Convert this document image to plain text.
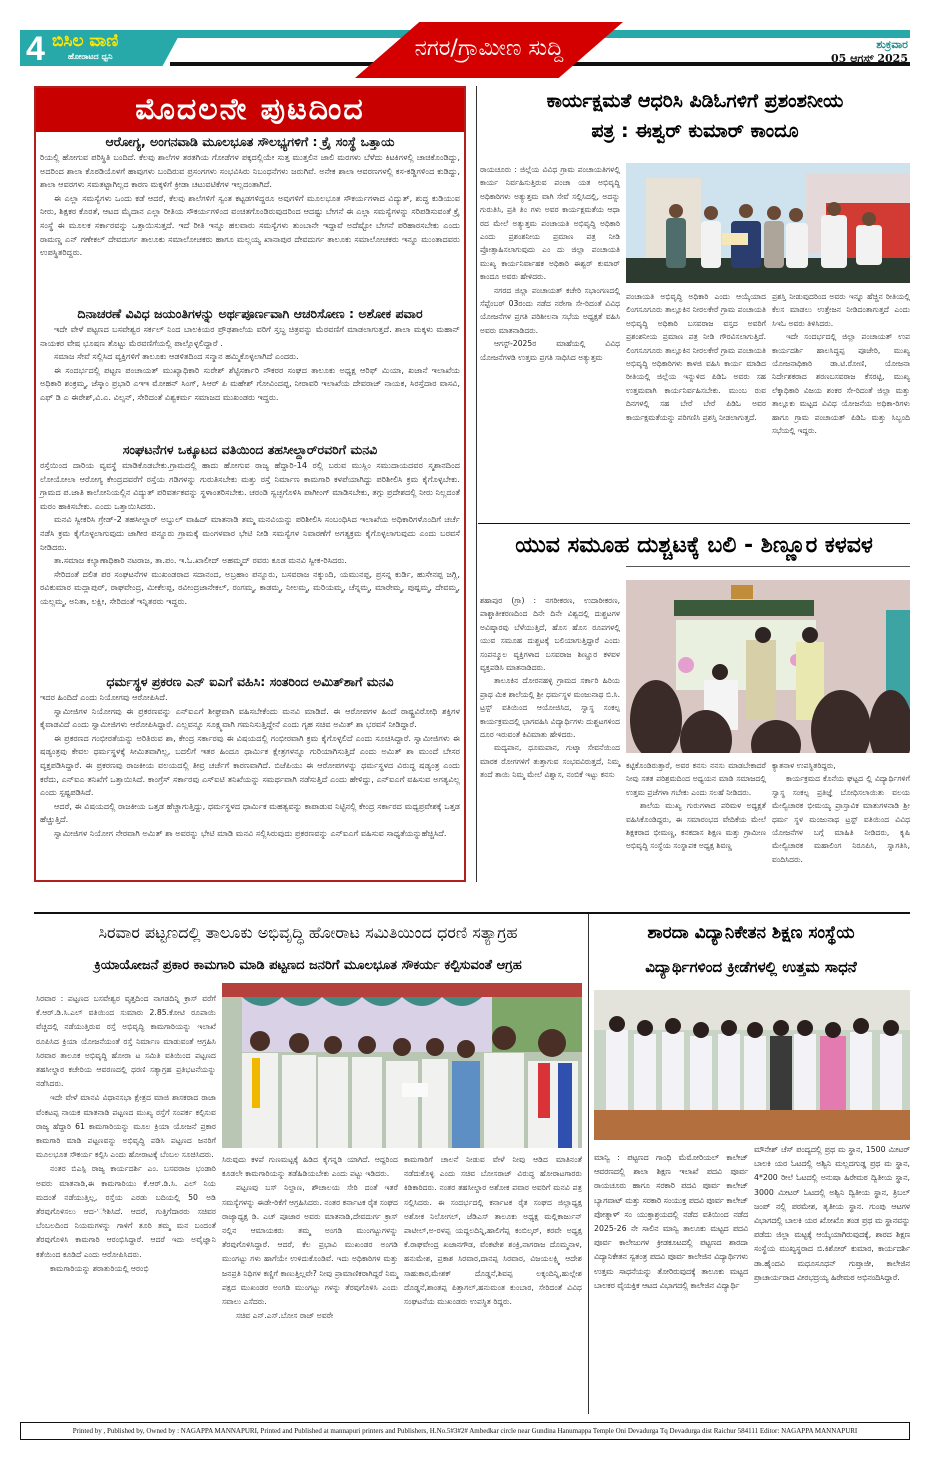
4 ಬಿಸಿಲ ವಾಣಿ
ಹೋರಾಟದ ಧ್ವನಿ	ನಗರ/ಗ್ರಾಮೀಣ ಸುದ್ದಿ	ಶುಕ್ರವಾರ
05 ಆಗಸ್ಟ್ 2025
ಮೊದಲನೇ ಪುಟದಿಂದ
ಆರೋಗ್ಯ, ಅಂಗನವಾಡಿ ಮೂಲಭೂತ ಸೌಲಭ್ಯಗಳಿಗೆ : ಕ್ರೈ ಸಂಸ್ಥೆ ಒತ್ತಾಯ

ರಿಯಲ್ಲಿ ಹೋಗುವ ಪರಿಸ್ಥಿತಿ ಬಂದಿದೆ. ಕೆಲವು ಶಾಲೆಗಳ ತರತಗಿಯ ಗೋಡೆಗಳ ಪಕ್ಕದಲ್ಲಿಯೇ ಸುತ್ತ ಮುತ್ತಲಿನ ಜಾಲಿ ಮರಗಳು ಬೆಳೆದು ಕಿಟಕಿಗಳಲ್ಲಿ ಚಾಚಿಕೊಂಡಿದ್ದು, ಅದರಿಂದ ಶಾಲಾ ಕೊಠಡಿಯೊಳಗೆ ಹಾವುಗಳು ಬಂದಿರುವ ಪ್ರಸಂಗಗಳು ಸಂಭವಿಸಿರು ನಿಬಂಧನೆಗಳು ಜರುಗಿವೆ. ಅನೇಕ ಶಾಲಾ ಆವರಣಗಳಲ್ಲಿ ಕಸ-ಕಡ್ಡಿಗಳಿಂದ ಕುಡಿದ್ದು, ಶಾಲಾ ಆವರಗಳು ಸಮತಟ್ಟಾಗಿಲ್ಲದ ಕಾರಣ ಮಕ್ಕಳಿಗೆ ಕ್ರೀಡಾ ಚಟುವಟಿಕೆಗಳ ಇಲ್ಲದಂತಾಗಿದೆ.

ಈ ಎಲ್ಲಾ ಸಮಸ್ಯೆಗಳು ಒಂದು ಕಡೆ ಆದರೆ, ಕೆಲವು ಶಾಲೆಗಳಿಗೆ ಸ್ವಂತ ಕಟ್ಟಡಗಳಿದ್ದರೂ ಅವುಗಳಿಗೆ ಮೂಲಭೂತ ಸೌಕರ್ಯಗಳಾದ ವಿದ್ಯುತ್, ಶುದ್ಧ ಕುಡಿಯುವ ನೀರು, ಶಿಕ್ಷಕರ ಕೊರತೆ, ಆಟದ ಮೈದಾನ ಎಲ್ಲಾ ರೀತಿಯ ಸೌಕರ್ಯಗಳಿಂದ ವಂಚಿತಗೊಂಡಿರುವುದರಿಂದ ಆದಷ್ಟು ಬೇಗನೆ ಈ ಎಲ್ಲಾ ಸಮಸ್ಯೆಗಳನ್ನು ಸರಿಪಡಿಸುವಂತೆ ಕ್ರೈ ಸಂಸ್ಥೆ ಈ ಮೂಲಕ ಸರ್ಕಾರವನ್ನು ಒತ್ತಾಯಿಸುತ್ತದೆ. ಇದೆ ರೀತಿ ಇನ್ನೂ ಹಲವಾರು ಸಮಸ್ಯೆಗಳು ತುಂಬಾನೇ ಇದ್ದಾವೆ ಅದೆಷ್ಟೋ ಬೇಗನೆ ಪರಿಹಾರಸಬೇಕು ಎಂದು ರಾಮಣ್ಣ ಎನ್ ಗಣೇಕಲ್ ದೇವದುರ್ಗ ತಾಲೂಕು ಸಮಾಲೋಚಕರು ಹಾಗೂ ಮಲ್ಲಯ್ಯ ಖಾನಾಪುರ ದೇವದುರ್ಗ ತಾಲೂಕು ಸಮಾಲೋಚಕರು ಇನ್ನೂ ಮುಂತಾದವರು ಉಪಸ್ಥಿತರಿದ್ದರು.

ದಿನಾಚರಣೆ ವಿವಿಧ ಜಯಂತಿಗಳನ್ನು ಅರ್ಥಪೂರ್ಣವಾಗಿ ಆಚರಿಸೋಣ : ಅಶೋಕ ಪವಾರ

ಇದೇ ವೇಳೆ ಪಟ್ಟಣದ ಬಸವೇಶ್ವರ ಸರ್ಕಲ್ ನಿಂದ ಬಾಲಕಿಯರ ಪ್ರೌಢಶಾಲೆಯ ವರಿಗೆ ಸ್ತಬ್ಧ ಚಿತ್ರವನ್ನು ಮೆರವಣಿಗೆ ಮಾಡಲಾಗುತ್ತದೆ. ಶಾಲಾ ಮಕ್ಕಳು ಮಹಾನ್ ನಾಯಕರ ವೇಷ ಭೂಷಣ ತೊಟ್ಟು ಮೆರವಣಿಗೆಯಲ್ಲಿ ಪಾಲ್ಗೊಳ್ಳಲಿದ್ದಾರೆ .

ಸಮಾಜ ಸೇವೆ ಸಲ್ಲಿಸಿದ ವ್ಯಕ್ತಿಗಳಿಗೆ ತಾಲೂಕು ಆಡಳಿತದಿಂದ ಸನ್ಮಾನ ಹಮ್ಮಿಕೊಳ್ಳಲಾಗಿದೆ ಎಂದರು.

ಈ ಸಂದರ್ಭದಲ್ಲಿ ಪಟ್ಟಣ ಪಂಚಾಯತ್ ಮುಖ್ಯಾಧಿಕಾರಿ ಸುರೇಶ್ ಶೆಟ್ಟಿಸರ್ಕಾರಿ ನೌಕರರ ಸಂಘದ ತಾಲೂಕು ಅಧ್ಯಕ್ಷ ಆರಿಫ್ ಮಿಯಾ, ಖಜಾನೆ ಇಲಾಖೆಯ ಅಧಿಕಾರಿ ಶಂಕ್ರಮ್ಮ, ಜೆಸ್ಕಾಂ ಪ್ರಭಾರಿ ಎಇಇ ಮೋಹನ್ ಸಿಂಗ್, ಸಿಆರ್ ಪಿ ಮಹೇಶ್ ಗೋವಿಂದಪ್ಪ, ನೀರಾವರಿ ಇಲಾಖೆಯ ದೇವರಾಜ್ ನಾಯಕ, ಸಿರಸ್ತೆದಾರ ವಾಸವಿ, ಎಫ್ ಡಿ ಎ ಈರೇಶ್,ವಿ.ಎ. ವಿಲ್ಸನ್, ಸೇರಿದಂತೆ ವಿಶ್ವಕರ್ಮ ಸಮಾಜದ ಮುಖಂಡರು ಇದ್ದರು.

ಸಂಘಟನೆಗಳ ಒಕ್ಕೂಟದ ವತಿಯಿಂದ ತಹಸೀಲ್ದಾರ್‌ರವರಿಗೆ ಮನವಿ

ರಸ್ತೆಯಿಂದ ದಾರಿಯ ವ್ಯವಸ್ಥೆ ಮಾಡಿಕೊಡಬೇಕು.ಗ್ರಾಮದಲ್ಲಿ ಹಾದು ಹೋಗುವ ರಾಜ್ಯ ಹೆದ್ದಾರಿ-14 ರಲ್ಲಿ ಬರುವ ಮುಸ್ಲಿಂ ಸಮುದಾಯದವರ ಸ್ಮಶಾನದಿಂದ ಲೋಯೋಲಾ ಆರೋಗ್ಯ ಕೇಂದ್ರದವರೆಗೆ ರಸ್ತೆಯ ಗಡಿಗಳನ್ನು ಗುರುತಿಸಬೇಕು ಮತ್ತು ರಸ್ತೆ ನಿರ್ಮಾಣ ಕಾಮಗಾರಿ ಕಳಪೆಯಾಗಿದ್ದು ಪರಿಶೀಲಿಸಿ ಕ್ರಮ ಕೈಗೊಳ್ಳಬೇಕು. ಗ್ರಾಮದ ಪ.ಜಾತಿ ಕಾಲೋನಿಯಲ್ಲಿನ ವಿದ್ಯುತ್ ಪರಿವರ್ತಕವನ್ನು ಸ್ಥಳಾಂತರಿಸಬೇಕು. ಚರಂಡಿ ಸ್ವಚ್ಛಗೊಳಿಸಿ ಪಾಗೀಂಗ್ ಮಾಡಿಸಬೇಕು, ತಗ್ಗು ಪ್ರದೇಶದಲ್ಲಿ ನೀರು ನಿಲ್ಲದಂತೆ ಮರಂ ಹಾಕಿಸಬೇಕು. ಎಂದು ಒತ್ತಾಯಿಸಿದರು.

ಮನವಿ ಸ್ವೀಕರಿಸಿ ಗ್ರೇಡ್-2 ತಹಸೀಲ್ದಾರ್ ಅಬ್ದುಲ್ ವಾಹಿದ್ ಮಾತನಾಡಿ ತಮ್ಮ ಮನವಿಯನ್ನು ಪರಿಶೀಲಿಸಿ ಸಂಬಂಧಿಸಿದ ಇಲಾಖೆಯ ಅಧಿಕಾರಿಗಳೊಂದಿಗೆ ಚರ್ಚೆ ನಡೆಸಿ ಕ್ರಮ ಕೈಗೊಳ್ಳಲಾಗುವುದು ಜಾಗೀರ ಪನ್ನೂರು ಗ್ರಾಮಕ್ಕೆ ಮಂಗಳವಾರ ಭೇಟಿ ನೀಡಿ ಸಮಸ್ಯೆಗಳ ನಿವಾರಣೆಗೆ ಅಗತ್ಯಕ್ರಮ ಕೈಗೊಳ್ಳಲಾಗುವುದು ಎಂದು ಬರವಸೆ ನೀಡಿದರು.

ತಾ.ಸಮಾಜ ಕಲ್ಯಾಣಾಧಿಕಾರಿ ನಟರಾಜ, ತಾ.ಪಂ. ಇ.ಓ.ಖಾಲೀದ್ ಅಹಮ್ಮದ್ ರವರು ಕೂಡ ಮನವಿ ಸ್ವೀಕ-ರಿಸಿದರು.

ಸೇರಿದಂತೆ ದಲಿತ ಪರ ಸಂಘಟನೆಗಳ ಮುಖಂಡರಾದ ಸದಾನಂದ, ಅಬ್ರಹಾಂ ಪನ್ನೂರು, ಬಸವರಾಜ ನಕ್ಕುಂದಿ, ಯಮುನಪ್ಪ, ಪ್ರಸನ್ನ ಕುರ್ಡಿ, ಹುಸೇನಪ್ಪ ಜಗ್ಲಿ, ರವಿಕುಮಾರ ಮದ್ಲಾಪುರ್, ರಾಘವೇಂದ್ರ, ಮೀಕೆಲಪ್ಪ, ರವೀಂದ್ರಜಾನೇಕಲ್, ರಂಗಮ್ಮ, ಕಾಡಮ್ಮ, ನೀಲಮ್ಮ, ಮರಿಯಮ್ಮ, ಚೆನ್ನಮ್ಮ, ಮಾರೇಮ್ಮ, ಪುಷ್ಪಮ್ಮ, ದೇವಮ್ಮ, ಯಲ್ಲಮ್ಮ, ಅನಿತಾ, ಲಕ್ಷೀ, ಸೇರಿದಂತೆ ಇನ್ನಿತರರು ಇದ್ದರು.

ಧರ್ಮಸ್ಥಳ ಪ್ರಕರಣ ಎನ್ ಐಎಗೆ ವಹಿಸಿ: ಸಂತರಿಂದ ಅಮಿತ್‌ಶಾಗೆ ಮನವಿ

ಇದರ ಹಿಂದಿದೆ ಎಂದು ನಿಯೋಗವು ಆರೋಪಿಸಿದೆ.

ಸ್ವಾಮೀಜಿಗಳ ನಿಯೋಗವು ಈ ಪ್ರಕರಣವನ್ನು ಎನ್‌ಐಎಗೆ ಶೀಘ್ರವಾಗಿ ವಹಿಸಬೇಕೆಂದು ಮನವಿ ಮಾಡಿದೆ. ಈ ಆರೋಪಗಳ ಹಿಂದೆ ರಾಷ್ಟ್ರವಿರೋಧಿ ಶಕ್ತಿಗಳ ಕೈವಾಡವಿದೆ ಎಂದು ಸ್ವಾಮೀಜಿಗಳು ಆರೋಪಿಸಿದ್ದಾರೆ. ಎಲ್ಲವನ್ನೂ ಸೂಕ್ಷ್ಮವಾಗಿ ಗಮನಿಸುತ್ತಿದ್ದೇನೆ ಎಂದು ಗೃಹ ಸಚಿವ ಅಮಿತ್ ಶಾ ಭರವಸೆ ನೀಡಿದ್ದಾರೆ.

ಈ ಪ್ರಕರಣದ ಗಂಭೀರತೆಯನ್ನು ಅರಿತಿರುವ ಶಾ, ಕೇಂದ್ರ ಸರ್ಕಾರವು ಈ ವಿಷಯದಲ್ಲಿ ಗಂಭೀರವಾಗಿ ಕ್ರಮ ಕೈಗೊಳ್ಳಲಿದೆ ಎಂದು ಸೂಚಿಸಿದ್ದಾರೆ. ಸ್ವಾಮೀಜಿಗಳು ಈ ಷಡ್ಯಂತ್ರವು ಕೇವಲ ಧರ್ಮಸ್ಥಳಕ್ಕೆ ಸೀಮಿತವಾಗಿಲ್ಲ, ಬದಲಿಗೆ ಇತರ ಹಿಂದೂ ಧಾರ್ಮಿಕ ಕ್ಷೇತ್ರಗಳನ್ನೂ ಗುರಿಯಾಗಿಸುತ್ತಿದೆ ಎಂದು ಅಮಿತ್ ಶಾ ಮುಂದೆ ಬೇಸರ ವ್ಯಕ್ತಪಡಿಸಿದ್ದಾರೆ. ಈ ಪ್ರಕರಣವು ರಾಜಕೀಯ ವಲಯದಲ್ಲಿ ತೀವ್ರ ಚರ್ಚೆಗೆ ಕಾರಣವಾಗಿದೆ. ಬಿಜೆಪಿಯು ಈ ಆರೋಪಗಳನ್ನು ಧರ್ಮಸ್ಥಳದ ವಿರುದ್ಧ ಷಡ್ಯಂತ್ರ ಎಂದು ಕರೆದು, ಎನ್‌ಐಎ ತನಿಖೆಗೆ ಒತ್ತಾಯಿಸಿದೆ. ಕಾಂಗ್ರೆಸ್ ಸರ್ಕಾರವು ಎಸ್‌ಐಟಿ ತನಿಖೆಯನ್ನು ಸಮರ್ಥವಾಗಿ ನಡೆಸುತ್ತಿದೆ ಎಂದು ಹೇಳಿದ್ದು, ಎನ್‌ಐಎಗೆ ವಹಿಸುವ ಅಗತ್ಯವಿಲ್ಲ ಎಂದು ಸ್ಪಷ್ಟಪಡಿಸಿದೆ.

ಆದರೆ, ಈ ವಿಷಯದಲ್ಲಿ ರಾಜಕೀಯ ಒತ್ತಡ ಹೆಚ್ಚಾಗುತ್ತಿದ್ದು, ಧರ್ಮಸ್ಥಳದ ಧಾರ್ಮಿಕ ಮಹತ್ವವನ್ನು ಕಾಪಾಡುವ ನಿಟ್ಟಿನಲ್ಲಿ ಕೇಂದ್ರ ಸರ್ಕಾರದ ಮಧ್ಯಪ್ರವೇಶಕ್ಕೆ ಒತ್ತಡ ಹೆಚ್ಚುತ್ತಿದೆ.

ಸ್ವಾಮೀಜಿಗಳ ನಿಯೋಗ ನೇರವಾಗಿ ಅಮಿತ್ ಶಾ ಅವರನ್ನು ಭೇಟಿ ಮಾಡಿ ಮನವಿ ಸಲ್ಲಿಸಿರುವುದು ಪ್ರಕರಣವನ್ನು ಎನ್‌ಐಎಗೆ ವಹಿಸುವ ಸಾಧ್ಯತೆಯನ್ನುಹೆಚ್ಚಿಸಿದೆ.

ಕಾರ್ಯಕ್ಷಮತೆ ಆಧರಿಸಿ ಪಿಡಿಓಗಳಿಗೆ ಪ್ರಶಂಶನೀಯ
ಪತ್ರ : ಈಶ್ವರ್ ಕುಮಾರ್ ಕಾಂದೂ

ರಾಯಚೂರು : ಜಿಲ್ಲೆಯ ವಿವಿಧ ಗ್ರಾಮ ಪಂಚಾಯತಿಗಳಲ್ಲಿ ಕಾರ್ಯ ನಿರ್ವಹಿಸುತ್ತಿರುವ ಪಂಚಾ ಯತ ಅಭಿವೃದ್ಧಿ ಅಧಿಕಾರಿಗಳು ಅತ್ಯುತ್ತಮ ವಾಗಿ ಸೇವೆ ಸಲ್ಲಿಸಿದಲ್ಲಿ, ಅದನ್ನು ಗುರುತಿಸಿ, ಪ್ರತಿ ತಿಂ ಗಳು ಅವರ ಕಾರ್ಯಕ್ಷಮತೆಯ ಆಧಾ ರದ ಮೇಲೆ ಅತ್ಯುತ್ತಮ ಪಂಚಾಯತಿ ಅಭಿವೃದ್ಧಿ ಅಧಿಕಾರಿ ಎಂದು ಪ್ರಶಂಶನೀಯ ಪ್ರಮಾಣ ಪತ್ರ ನೀಡಿ ಪ್ರೋತ್ಸಾಹಿಸಲಾಗುವುದು ಎಂ ದು ಜಿಲ್ಲಾ ಪಂಚಾಯತಿ ಮುಖ್ಯ ಕಾರ್ಯನಿರ್ವಾಹಕ ಅಧಿಕಾರಿ ಈಶ್ವರ್ ಕುಮಾರ್ ಕಾಂದೂ ಅವರು ಹೇಳಿದರು.

ನಗರದ ಜಿಲ್ಲಾ ಪಂಚಾಯತ್ ಕಚೇರಿ ಸಭಾಂಗಣದಲ್ಲಿ ಸೆಪ್ಟೆಂಬರ್ 03ರಂದು ನಡೆದ ನರೇಗಾ ಸೇ-ರಿದಂತೆ ವಿವಿಧ ಯೋಜನೆಗಳ ಪ್ರಗತಿ ಪರಿಶೀಲನಾ ಸಭೆಯ ಅಧ್ಯಕ್ಷತೆ ವಹಿಸಿ ಅವರು ಮಾತನಾಡಿದರು.

ಆಗಸ್ಟ್-2025ರ ಮಾಹೆಯಲ್ಲಿ ವಿವಿಧ ಯೋಜನೆಗಳಡಿ ಉತ್ತಮ ಪ್ರಗತಿ ಸಾಧಿಸಿದ ಅತ್ಯುತ್ತಮ

ಪಂಚಾಯತಿ ಅಭಿವೃದ್ಧಿ ಅಧಿಕಾರಿ ಎಂದು ಆಯ್ಕೆಯಾದ ಲಿಂಗಸೂಗೂರು ತಾಲ್ಲೂಕಿನ ನೀರಲಕೇರೆ ಗ್ರಾಮ ಪಂಚಾಯತಿ ಅಭಿವೃದ್ಧಿ ಅಧಿಕಾರಿ ಬಸವರಾಜ ವಸ್ತದ ಅವರಿಗೆ ಪ್ರಶಂಶನೀಯ ಪ್ರಮಾಣ ಪತ್ರ ನೀಡಿ ಗೌರವಿಸಲಾಗುತ್ತಿದೆ. ಲಿಂಗಸೂಗೂರು ತಾಲ್ಲೂಕಿನ ನೀರಲಕೇರೆ ಗ್ರಾಮ ಪಂಚಾಯತಿ ಅಭಿವೃದ್ಧಿ ಅಧಿಕಾರಿಗಳು ಕಾಳಜಿ ವಹಿಸಿ ಕಾರ್ಯ ಮಾಡಿದ ರೀತಿಯಲ್ಲಿ ಜಿಲ್ಲೆಯ ಇನ್ನುಳಿದ ಪಿಡಿಓ ಅವರು ಸಹ ಉತ್ತಮವಾಗಿ ಕಾರ್ಯನಿರ್ವಹಿಸಬೇಕು. ಮುಂಬ ರುವ ದಿನಗಳಲ್ಲಿ ಸಹ ಬೇರೆ ಬೇರೆ ಪಿಡಿಓ ಅವರ ಕಾರ್ಯಕ್ಷಮತೆಯನ್ನು ಪರಿಗಣಿಸಿ ಪ್ರಶಸ್ತಿ ನೀಡಲಾಗುತ್ತದೆ.

ಪ್ರಶಸ್ತಿ ನೀಡುವುದರಿಂದ ಅವರು ಇನ್ನೂ ಹೆಚ್ಚಿನ ರೀತಿಯಲ್ಲಿ ಕೆಲಸ ಮಾಡಲು ಉತ್ತೇಜನ ನೀಡಿದಂತಾಗುತ್ತದೆ ಎಂದು ಸಿಇಓ ಅವರು ತಿಳಿಸಿದರು.

ಇದೇ ಸಂದರ್ಭದಲ್ಲಿ ಜಿಲ್ಲಾ ಪಂಚಾಯತ್ ಉಪ ಕಾರ್ಯದರ್ಶಿ ಹಾಲಸಿದ್ಧಪ್ಪ ಪೂಜೇರಿ, ಮುಖ್ಯ ಯೋಜನಾಧಿಕಾರಿ ಡಾ.ಟಿ.ರೋಣಿ, ಯೋಜನಾ ನಿರ್ದೇಶಕರಾದ ಶರಣಬಸವರಾಜ ಕೆಸರಟ್ಟಿ, ಮುಖ್ಯ ಲೆಕ್ಕಾಧಿಕಾರಿ ವಿಜಯ ಶಂಕರ ಸೇ-ರಿದಂತೆ ಜಿಲ್ಲಾ ಮತ್ತು ತಾಲ್ಲೂಕು ಮಟ್ಟದ ವಿವಿಧ ಯೋಜನೆಯ ಅಧಿಕಾ-ರಿಗಳು ಹಾಗೂ ಗ್ರಾಮ ಪಂಚಾಯತ್ ಪಿಡಿಓ ಮತ್ತು ಸಿಬ್ಬಂದಿ ಸಭೆಯಲ್ಲಿ ಇದ್ದರು.

ಯುವ ಸಮೂಹ ದುಶ್ಚಟಕ್ಕೆ ಬಲಿ - ಶಿಣ್ಣೂರ ಕಳವಳ

ಶಹಾಪುರ (ಗ್ರಾ) : ನಗರೀಕರಣ, ಉದಾರೀಕರಣ, ಪಾಶ್ಚಾತೀಕರಣದಿಂದ ದಿನೇ ದಿನೇ ವಿಶ್ವದಲ್ಲಿ ದುಶ್ಚಟಗಳ ಅವಿಷ್ಕಾರವು ಬೆಳೆಯುತ್ತಿದೆ, ಹೊಸ ಹೊಸ ರೂಪಗಳಲ್ಲಿ ಯುವ ಸಮೂಹ ದುಶ್ಚಟಕ್ಕೆ ಬಲಿಯಾಗುತ್ತಿದ್ದಾರೆ ಎಂದು ಸಂಪನ್ಮೂಲ ವ್ಯಕ್ತಿಗಳಾದ ಬಸವರಾಜ ಶಿಣ್ಣೂರ ಕಳವಳ ವ್ಯಕ್ತಪಡಿಸಿ ಮಾತನಾಡಿದರು.

ತಾಲೂಕಿನ ದೋರನಹಳ್ಳಿ ಗ್ರಾಮದ ಸರ್ಕಾರಿ ಹಿರಿಯ ಪ್ರಾಥ ಮಿಕ ಶಾಲೆಯಲ್ಲಿ ಶ್ರೀ ಧರ್ಮಸ್ಥಳ ಮಂಜುನಾಥ ಬಿ.ಸಿ. ಟ್ರಸ್ಟ್ ವತಿಯಿಂದ ಆಯೋಜಿಸಿದ, ಸ್ವಾಸ್ಥ ಸಂಕಲ್ಪ ಕಾರ್ಯಕ್ರಮದಲ್ಲಿ ಭಾಗವಹಿಸಿ ವಿದ್ಯಾರ್ಥಿಗಳು ದುಶ್ಚಟಗಳಿಂದ ದೂರ ಇರುವಂತೆ ಕಿವಿಮಾತು ಹೇಳಿದರು.

ಮದ್ಯಪಾನ, ಧೂಮಪಾನ, ಗುಟ್ಕಾ ಸೇವನೆಯಿಂದ ಮಾರಕ ರೋಗಗಳಿಗೆ ತುತ್ತಾಗುವ ಸಂಭವವಿರುತ್ತದೆ, ನಿಮ್ಮ ತಂದೆ ತಾಯಿ ನಿಮ್ಮ ಮೇಲೆ ವಿಶ್ವಾಸ, ನಂಬಿಕೆ ಇಟ್ಟು ಕನಸು

ಕಟ್ಟಿಕೊಂಡಿರುತ್ತಾರೆ, ಅವರ ಕನಸು ನನಸು ಮಾಡಬೇಕಾದರೆ ನೀವು ಸತತ ಪರಿಶ್ರಮದಿಂದ ಅಧ್ಯಯನ ಮಾಡಿ ಸಮಾಜದಲ್ಲಿ ಉತ್ತಮ ಪ್ರಜೆಗಳಾ ಗಬೇಕು ಎಂದು ಸಲಹೆ ನೀಡಿದರು.

ಶಾಲೆಯ ಮುಖ್ಯ ಗುರುಗಳಾದ ಪರಿಮಳ ಅಧ್ಯಕ್ಷತೆ ವಹಿಸಿಕೊಂಡಿದ್ದರು, ಈ ಸಮಾರಂಭದ ವೇದಿಕೆಯ ಮೇಲೆ ಶಿಕ್ಷಕರಾದ ಭೀಮಣ್ಣ, ಕನಕದಾಸ ಶಿಕ್ಷಣ ಮತ್ತು ಗ್ರಾಮೀಣ ಅಭಿವೃದ್ಧಿ ಸಂಸ್ಥೆಯ ಸಂಸ್ಥಾಪಕ ಅಧ್ಯಕ್ಷ ಶಿವಣ್ಣ

ಕ್ಯಾತನಾಳ ಉಪಸ್ಥಿತರಿದ್ದರು,

ಕಾರ್ಯಕ್ರಮದ ಕೊನೆಯ ಘಟ್ಟದ ಲ್ಲಿ ವಿದ್ಯಾರ್ಥಿಗಳಿಗೆ ಸ್ವಾಸ್ಥ ಸಂಕಲ್ಪ ಪ್ರತಿಜ್ಞೆ ಬೋಧಿಸಲಾಯಿತು ವಲಯ ಮೇಲ್ವಿಚಾರಕ ಭೀಮಯ್ಯ ಪ್ರಾಸ್ತಾವಿಕ ಮಾತುಗಳನಾಡಿ ಶ್ರೀ ಧರ್ಮ ಸ್ಥಳ ಮಂಜುನಾಥ ಟ್ರಸ್ಟ್ ವತಿಯಿಂದ ವಿವಿಧ ಯೋಜನೆಗಳ ಬಗ್ಗೆ ಮಾಹಿತಿ ನೀಡಿದರು, ಕೃಷಿ ಮೇಲ್ವಿಚಾರಕ ಮಹಾಲಿಂಗ ನಿರೂಪಿಸಿ, ಸ್ವಾಗತಿಸಿ, ವಂದಿಸಿದರು.

ಸಿರವಾರ ಪಟ್ಟಣದಲ್ಲಿ ತಾಲೂಕು ಅಭಿವೃದ್ಧಿ ಹೋರಾಟ ಸಮಿತಿಯಿಂದ ಧರಣಿ ಸತ್ಯಾಗ್ರಹ
ಕ್ರಿಯಾಯೋಜನೆ ಪ್ರಕಾರ ಕಾಮಗಾರಿ ಮಾಡಿ ಪಟ್ಟಣದ ಜನರಿಗೆ ಮೂಲಭೂತ ಸೌಕರ್ಯ ಕಲ್ಪಿಸುವಂತೆ ಆಗ್ರಹ

ಸಿರವಾರ : ಪಟ್ಟಣದ ಬಸವೇಶ್ವರ ವೃತ್ತದಿಂದ ನಾಗಡದಿನ್ನಿ ಕ್ರಾಸ್ ವರೆಗೆ ಕೆ.ಆರ್.ಡಿ.ಸಿ.ಎಲ್ ವತಿಯಿಂದ ಸುಮಾರು 2.85.ಕೋಟಿ ರೂಪಾಯಿ ವೆಚ್ಚದಲ್ಲಿ ನಡೆಯುತ್ತಿರುವ ರಸ್ತೆ ಅಭಿವೃದ್ಧಿ ಕಾಮಗಾರಿಯನ್ನು ಇಲಾಖೆ ರೂಪಿಸಿದ ಕ್ರಿಯಾ ಯೋಜನೆಯಂತೆ ರಸ್ತೆ ನಿರ್ಮಾಣ ಮಾಡುವಂತೆ ಆಗ್ರಹಿಸಿ ಸಿರವಾರ ತಾಲೂಕ ಅಭಿವೃದ್ಧಿ ಹೋರಾ ಟ ಸಮಿತಿ ವತಿಯಿಂದ ಪಟ್ಟಣದ ತಹಸೀಲ್ದಾರ ಕಚೇರಿಯ ಆವರಣದಲ್ಲಿ ಧರಣಿ ಸತ್ಯಾಗ್ರಹ ಪ್ರತಿಭಟನೆಯನ್ನು ನಡೆಸಿದರು.

ಇದೇ ವೇಳೆ ಮಾನವಿ ವಿಧಾನಸಭಾ ಕ್ಷೇತ್ರದ ಮಾಜಿ ಶಾಸಕರಾದ ರಾಜಾ ವೆಂಕಟಪ್ಪ ನಾಯಕ ಮಾತನಾಡಿ ಪಟ್ಟಣದ ಮುಖ್ಯ ರಸ್ತೆಗೆ ಸಂಪರ್ಕ ಕಲ್ಪಿಸುವ ರಾಜ್ಯ ಹೆದ್ದಾರಿ 61 ಕಾಮಗಾರಿಯನ್ನು ಮೂಲ ಕ್ರಿಯಾ ಯೋಜನೆ ಪ್ರಕಾರ ಕಾಮಗಾರಿ ಮಾಡಿ ಪಟ್ಟಣವನ್ನು ಅಭಿವೃದ್ಧಿ ಪಡಿಸಿ ಪಟ್ಟಣದ ಜನರಿಗೆ ಮೂಲಭೂತ ಸೌಕರ್ಯ ಕಲ್ಪಿಸಿ ಎಂದು ಹೋರಾಟಕ್ಕೆ ಬೆಂಬಲ ಸೂಚಿಸಿದರು.

ನಂತರ ಬಿಎಸ್ಪಿ ರಾಜ್ಯ ಕಾರ್ಯದರ್ಶಿ ಎಂ. ಬಸವರಾಜ ಭಂಡಾರಿ ಅವರು ಮಾತನಾಡಿ,ಈ ಕಾಮಗಾರಿಯು ಕೆ.ಆರ್.ಡಿ.ಸಿ. ಎಲ್ ನಿಯ ಮದಂತೆ ನಡೆಯುತ್ತಿಲ್ಲ, ರಸ್ತೆಯ ಎರಡು ಬದಿಯಲ್ಲಿ 50 ಅಡಿ ತೆರವುಗೊಳಿಸಲು ಆದ-'ೇಶಿಸಿದೆ. ಆದರೆ, ಗುತ್ತಿಗೆದಾರರು ಸಚಿವರ ಬೆಂಬಲದಿಂದ ನಿಯಮಗಳನ್ನು ಗಾಳಿಗೆ ತೂರಿ ತಮ್ಮ ಮನ ಬಂದಂತೆ ತೆರವುಗೊಳಿಸಿ ಕಾಮಗಾರಿ ಆರಂಭಿಸಿದ್ದಾರೆ. ಆದರೆ ಇದು ಅವೈಜ್ಞಾನಿ ಕತೆಯಿಂದ ಕೂಡಿದೆ ಎಂದು ಆರೋಪಿಸಿದರು.

ಕಾಮಗಾರಿಯನ್ನು ಶರಾತುರಿಯಲ್ಲಿ ಆರಂಭಿ

ಸಿರುವುದು ಕಳಪೆ ಗುಣಮಟ್ಟಕ್ಕೆ ಹಿಡಿದ ಕೈಗನ್ನಡಿ ಯಾಗಿದೆ. ಆದ್ದರಿಂದ ಕೂಡಲೇ ಕಾಮಗಾರಿಯನ್ನು ತಡೆಹಿಡಿಯಬೇಕು ಎಂದು ಪಟ್ಟು ಇಡಿದರು.

ಪಟ್ಟಣವು ಬಸ್ ನಿಲ್ದಾಣ, ಶೌಚಾಲಯ ಸೇರಿ ದಂತೆ ಇತರೆ ಸಮಸ್ಯೆಗಳನ್ನು ಈಡೇ-ರಿಕೆಗೆ ಆಗ್ರಹಿಸಿದರು. ನಂತರ ಕರ್ನಾಟಕ ರೈತ ಸಂಘದ ರಾಜ್ಯಾಧ್ಯಕ್ಷ ಡಿ. ಎಚ್ ಪೂಜಾರ ಅವರು ಮಾತನಾಡಿ,ದೇವದುರ್ಗ ಕ್ರಾಸ್ ನಲ್ಲಿನ ಆಮಾಯಕರು ತಮ್ಮ ಅಂಗಡಿ ಮುಂಗಟ್ಟುಗಳನ್ನು ತೆರವುಗೊಳಿಸಿದ್ದಾರೆ. ಆದರೆ, ಕೆಲ ಪ್ರಭಾವಿ ಮುಖಂಡರ ಅಂಗಡಿ ಮುಂಗಟ್ಟು ಗಳು ಹಾಗೆಯೇ ಉಳಿದುಕೊಂಡಿವೆ. ಇದು ಅಧಿಕಾರಿಗಳ ಮತ್ತು ಜನಪ್ರತಿ ನಿಧಿಗಳ ಕಣ್ಣಿಗೆ ಕಾಣುತ್ತಿಲ್ಲವೇ? ನೀವು ಪ್ರಾಮಾಣಿಕರಾಗಿದ್ದರೆ ನಿಮ್ಮ ಪಕ್ಷದ ಮುಖಂಡರ ಅಂಗಡಿ ಮುಂಗಟ್ಟು ಗಳನ್ನು ತೆರವುಗೊಳಿಸಿ ಎಂದು ಸವಾಲು ಎಸೆದರು.

ಸಚಿವ ಎನ್.ಎಸ್.ಬೋಸ ರಾಜ್ ಅವರೇ

ಕಾಮಗಾರಿಗೆ ಚಾಲನೆ ನೀಡುವ ವೇಳೆ ನೀವು ಆಡಿದ ಮಾತಿನಂತೆ ನಡೆದುಕೊಳ್ಳಿ ಎಂದು ಸಚಿವ ಬೋಸರಾಜ್ ವಿರುದ್ಧ ಹೋರಾಟಗಾರರು ಕಿಡಿಕಾರಿದರು. ನಂತರ ತಹಸೀಲ್ದಾರ ಅಶೋಕ ಪವಾರ ಅವರಿಗೆ ಮನವಿ ಪತ್ರ ಸಲ್ಲಿಸಿದರು. ಈ ಸಂದರ್ಭದಲ್ಲಿ ಕರ್ನಾಟಕ ರೈತ ಸಂಘದ ಜಿಲ್ಲಾಧ್ಯಕ್ಷ ಅಶೋಕ ನಿಲೋಗಲ್, ಜೆಡಿಎಸ್ ತಾಲೂಕು ಅಧ್ಯಕ್ಷ ಮಲ್ಲಿಕಾರ್ಜುನ್ ಪಾಟೀಲ್,ಅ-ರಳಪ್ಪ ಯದ್ದಲದಿನ್ನಿ,ಹಾಲಿಗೆಪ್ಪ ಕಂಬಿಲ್ಕರ್, ಕರವೇ ಅಧ್ಯಕ್ಷ ಕೆ.ರಾಘವೇಂದ್ರ ಖಜಾನಗೌಡ, ವೆಂಕಟೇಶ ಶಂಕ್ರಿ,ನಾಗರಾಜ ದೊಮ್ಮನಾಳ, ಹನುಮೇಶ, ಪ್ರಕಾಶ ಸಿರವಾರ,ದಾನಪ್ಪ ಸಿರವಾರ, ವಿಜಯಲಕ್ಷ್ಮಿ ಆದೇಶ ಸಾಹುಕಾರ,ಮೇಶಕ್ ದೊಡ್ಡನೆ,ಶಿವಪ್ಪ ಲಕ್ಕಂದಿನ್ನಿ,ಹುಲ್ಲೇಶ ದೊಡ್ಡನೆ,ಶಾಂತಪ್ಪ ಪಿತ್ತಾಗಲ್,ಹನುಮಂತ ಕುಂಬಾರ, ಸೇರಿದಂತೆ ವಿವಿಧ ಸಂಘಟನೆಯ ಮುಖಂಡರು ಉಪಸ್ಥಿತ ರಿದ್ದರು.

ಶಾರದಾ ವಿದ್ಯಾನಿಕೇತನ ಶಿಕ್ಷಣ ಸಂಸ್ಥೆಯ
ವಿದ್ಯಾರ್ಥಿಗಳಿಂದ ಕ್ರೀಡೆಗಳಲ್ಲಿ ಉತ್ತಮ ಸಾಧನೆ

ಮಾನ್ವಿ : ಪಟ್ಟಣದ ಗಾಂಧಿ ಮೆಮೋರಿಯಲ್ ಕಾಲೇಜ್ ಆವರಣದಲ್ಲಿ ಶಾಲಾ ಶಿಕ್ಷಣ ಇಲಾಖೆ ಪದವಿ ಪೂರ್ವ ರಾಯಚೂರು ಹಾಗೂ ಸರಕಾರಿ ಪದವಿ ಪೂರ್ವ ಕಾಲೇಜ್ ಬ್ಯಾಗವಾಟ್ ಮತ್ತು ಸರಕಾರಿ ಸಂಯುಕ್ತ ಪದವಿ ಪೂರ್ವ ಕಾಲೇಜ್ ಪೋತ್ನಾಳ್ ಸಂ ಯುಕ್ತಾಶ್ರಯದಲ್ಲಿ ನಡೆದ ವತಿಯಿಂದ ನಡೆದ 2025-26 ನೇ ಸಾಲಿನ ಮಾನ್ವಿ ತಾಲೂಕು ಮಟ್ಟದ ಪದವಿ ಪೂರ್ವ ಕಾಲೇಜುಗಳ ಕ್ರೀಡಕೂಟದಲ್ಲಿ ಪಟ್ಟಣದ ಶಾರದಾ ವಿದ್ಯಾನಿಕೇತನ ಸ್ವತಂತ್ರ ಪದವಿ ಪೂರ್ವ ಕಾಲೇಜಿನ ವಿದ್ಯಾರ್ಥಿಗಳು ಉತ್ತಮ ಸಾಧನೆಯನ್ನು ತೋರಿರುವುದಕ್ಕೆ ತಾಲೂಕು ಮಟ್ಟದ ಬಾಲಕರ ವೈಯಕ್ತಿಕ ಆಟದ ವಿಭಾಗದಲ್ಲಿ ಕಾಲೇಜಿನ ವಿದ್ಯಾರ್ಥಿ

ಮೌನೇಶ್ ಚೆಸ್ ಪಂದ್ಯದಲ್ಲಿ ಪ್ರಥ ಮ ಸ್ಥಾನ, 1500 ಮೀಟರ್ ಬಾಲಕಿ ಯರ ಓಟದಲ್ಲಿ ಅಶ್ವಿನಿ ಮಲ್ಲದಗುಡ್ಡ ಪ್ರಥ ಮ ಸ್ಥಾನ, 4*200 ರೀಲೆ ಓಟದಲ್ಲಿ ಅನುಷಾ ಹಿರೇಮಠ ದ್ವಿತೀಯ ಸ್ಥಾನ, 3000 ಮೀಟರ್ ಓಟದಲ್ಲಿ ಅಶ್ವಿನಿ ದ್ವಿತೀಯ ಸ್ಥಾನ, ತ್ರಿಬಲ್ ಜಂಪ್ ನಲ್ಲಿ ಪರಮೇಶ, ತೃತೀಯ ಸ್ಥಾನ. ಗುಂಪು ಆಟಗಳ ವಿಭಾಗದಲ್ಲಿ ಬಾಲಕಿ ಯರ ಖೋಖೊ ತಂಡ ಪ್ರಥ ಮ ಸ್ಥಾನವನ್ನು ಪಡೆದು ಜಿಲ್ಲಾ ಮಟ್ಟಕ್ಕೆ ಆಯ್ಕೆಯಾಗಿರುವುದಕ್ಕೆ, ಶಾರದ ಶಿಕ್ಷಣ ಸಂಸ್ಥೆಯ ಮುಖ್ಯಸ್ಥರಾದ ಬಿ.ಕಿಶೋರ್ ಕುಮಾರ, ಕಾರ್ಯದರ್ಶಿ ಡಾ.ಹೈಂದವಿ ಮಧೂಸೂಧನ್ ಗುಪ್ತಾಜೀ, ಕಾಲೇಜಿನ ಪ್ರಾಚಾರ್ಯರಾದ ವೀರಭದ್ರಯ್ಯ ಹಿರೇಮಠ ಅಭಿನಂದಿಸಿದ್ದಾರೆ.

Printed by , Published by, Owned by : NAGAPPA MANNAPURI, Printed and Published at mannapuri printers and Publishers, H.No.5#3#2# Ambedkar circle near Gundina Hanumappa Temple Oni Devadurga Tq Devadurga dist Raichur 584111 Editor: NAGAPPA MANNAPURI
